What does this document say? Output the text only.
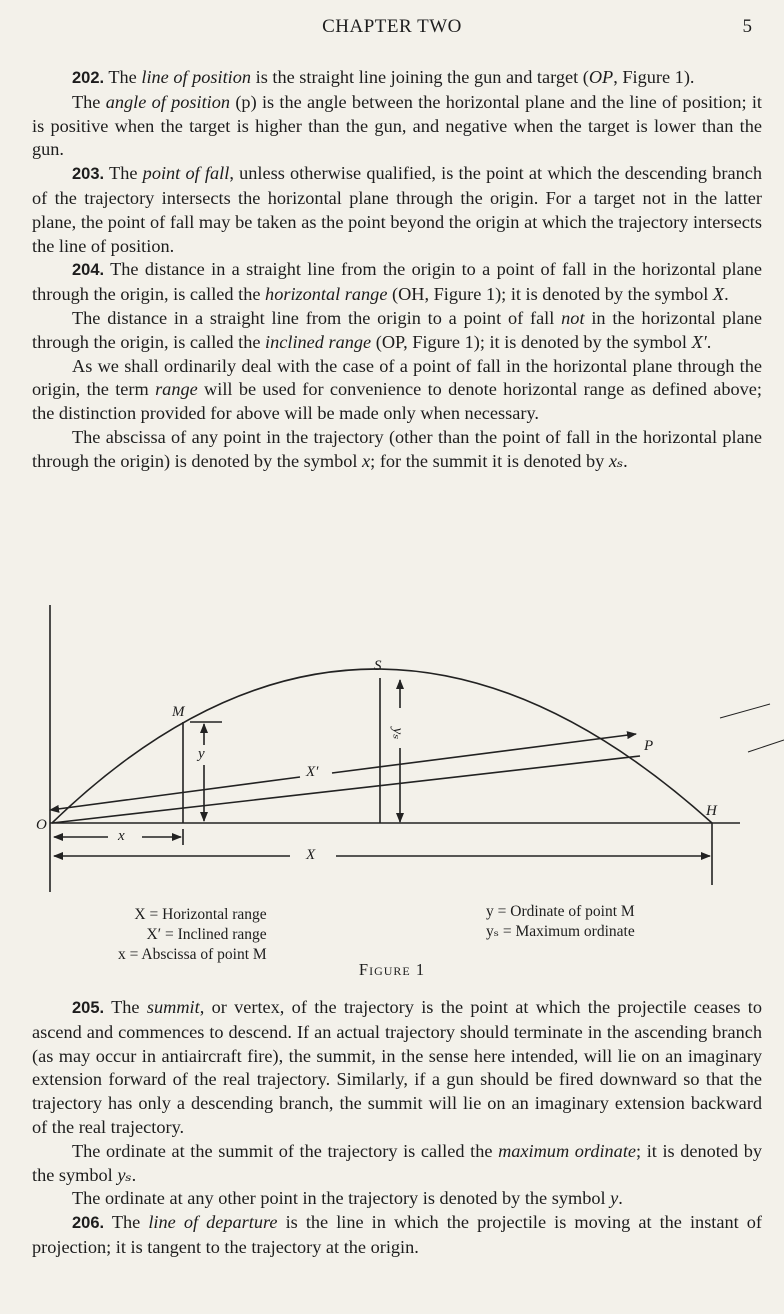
CHAPTER TWO	5

202. The line of position is the straight line joining the gun and target (OP, Figure 1).

The angle of position (p) is the angle between the horizontal plane and the line of position; it is positive when the target is higher than the gun, and negative when the target is lower than the gun.

203. The point of fall, unless otherwise qualified, is the point at which the descending branch of the trajectory intersects the horizontal plane through the origin. For a target not in the latter plane, the point of fall may be taken as the point beyond the origin at which the trajectory intersects the line of position.

204. The distance in a straight line from the origin to a point of fall in the horizontal plane through the origin, is called the horizontal range (OH, Figure 1); it is denoted by the symbol X.

The distance in a straight line from the origin to a point of fall not in the horizontal plane through the origin, is called the inclined range (OP, Figure 1); it is denoted by the symbol X′.

As we shall ordinarily deal with the case of a point of fall in the horizontal plane through the origin, the term range will be used for convenience to denote horizontal range as defined above; the distinction provided for above will be made only when necessary.

The abscissa of any point in the trajectory (other than the point of fall in the horizontal plane through the origin) is denoted by the symbol x; for the summit it is denoted by xₛ.

O
M
S
P
H
x
y
yₛ
X′
X
X = Horizontal range
X′ = Inclined range
x = Abscissa of point M
y = Ordinate of point M
yₛ = Maximum ordinate
Figure 1

205. The summit, or vertex, of the trajectory is the point at which the projectile ceases to ascend and commences to descend. If an actual trajectory should terminate in the ascending branch (as may occur in antiaircraft fire), the summit, in the sense here intended, will lie on an imaginary extension forward of the real trajectory. Similarly, if a gun should be fired downward so that the trajectory has only a descending branch, the summit will lie on an imaginary extension backward of the real trajectory.

The ordinate at the summit of the trajectory is called the maximum ordinate; it is denoted by the symbol yₛ.

The ordinate at any other point in the trajectory is denoted by the symbol y.

206. The line of departure is the line in which the projectile is moving at the instant of projection; it is tangent to the trajectory at the origin.
